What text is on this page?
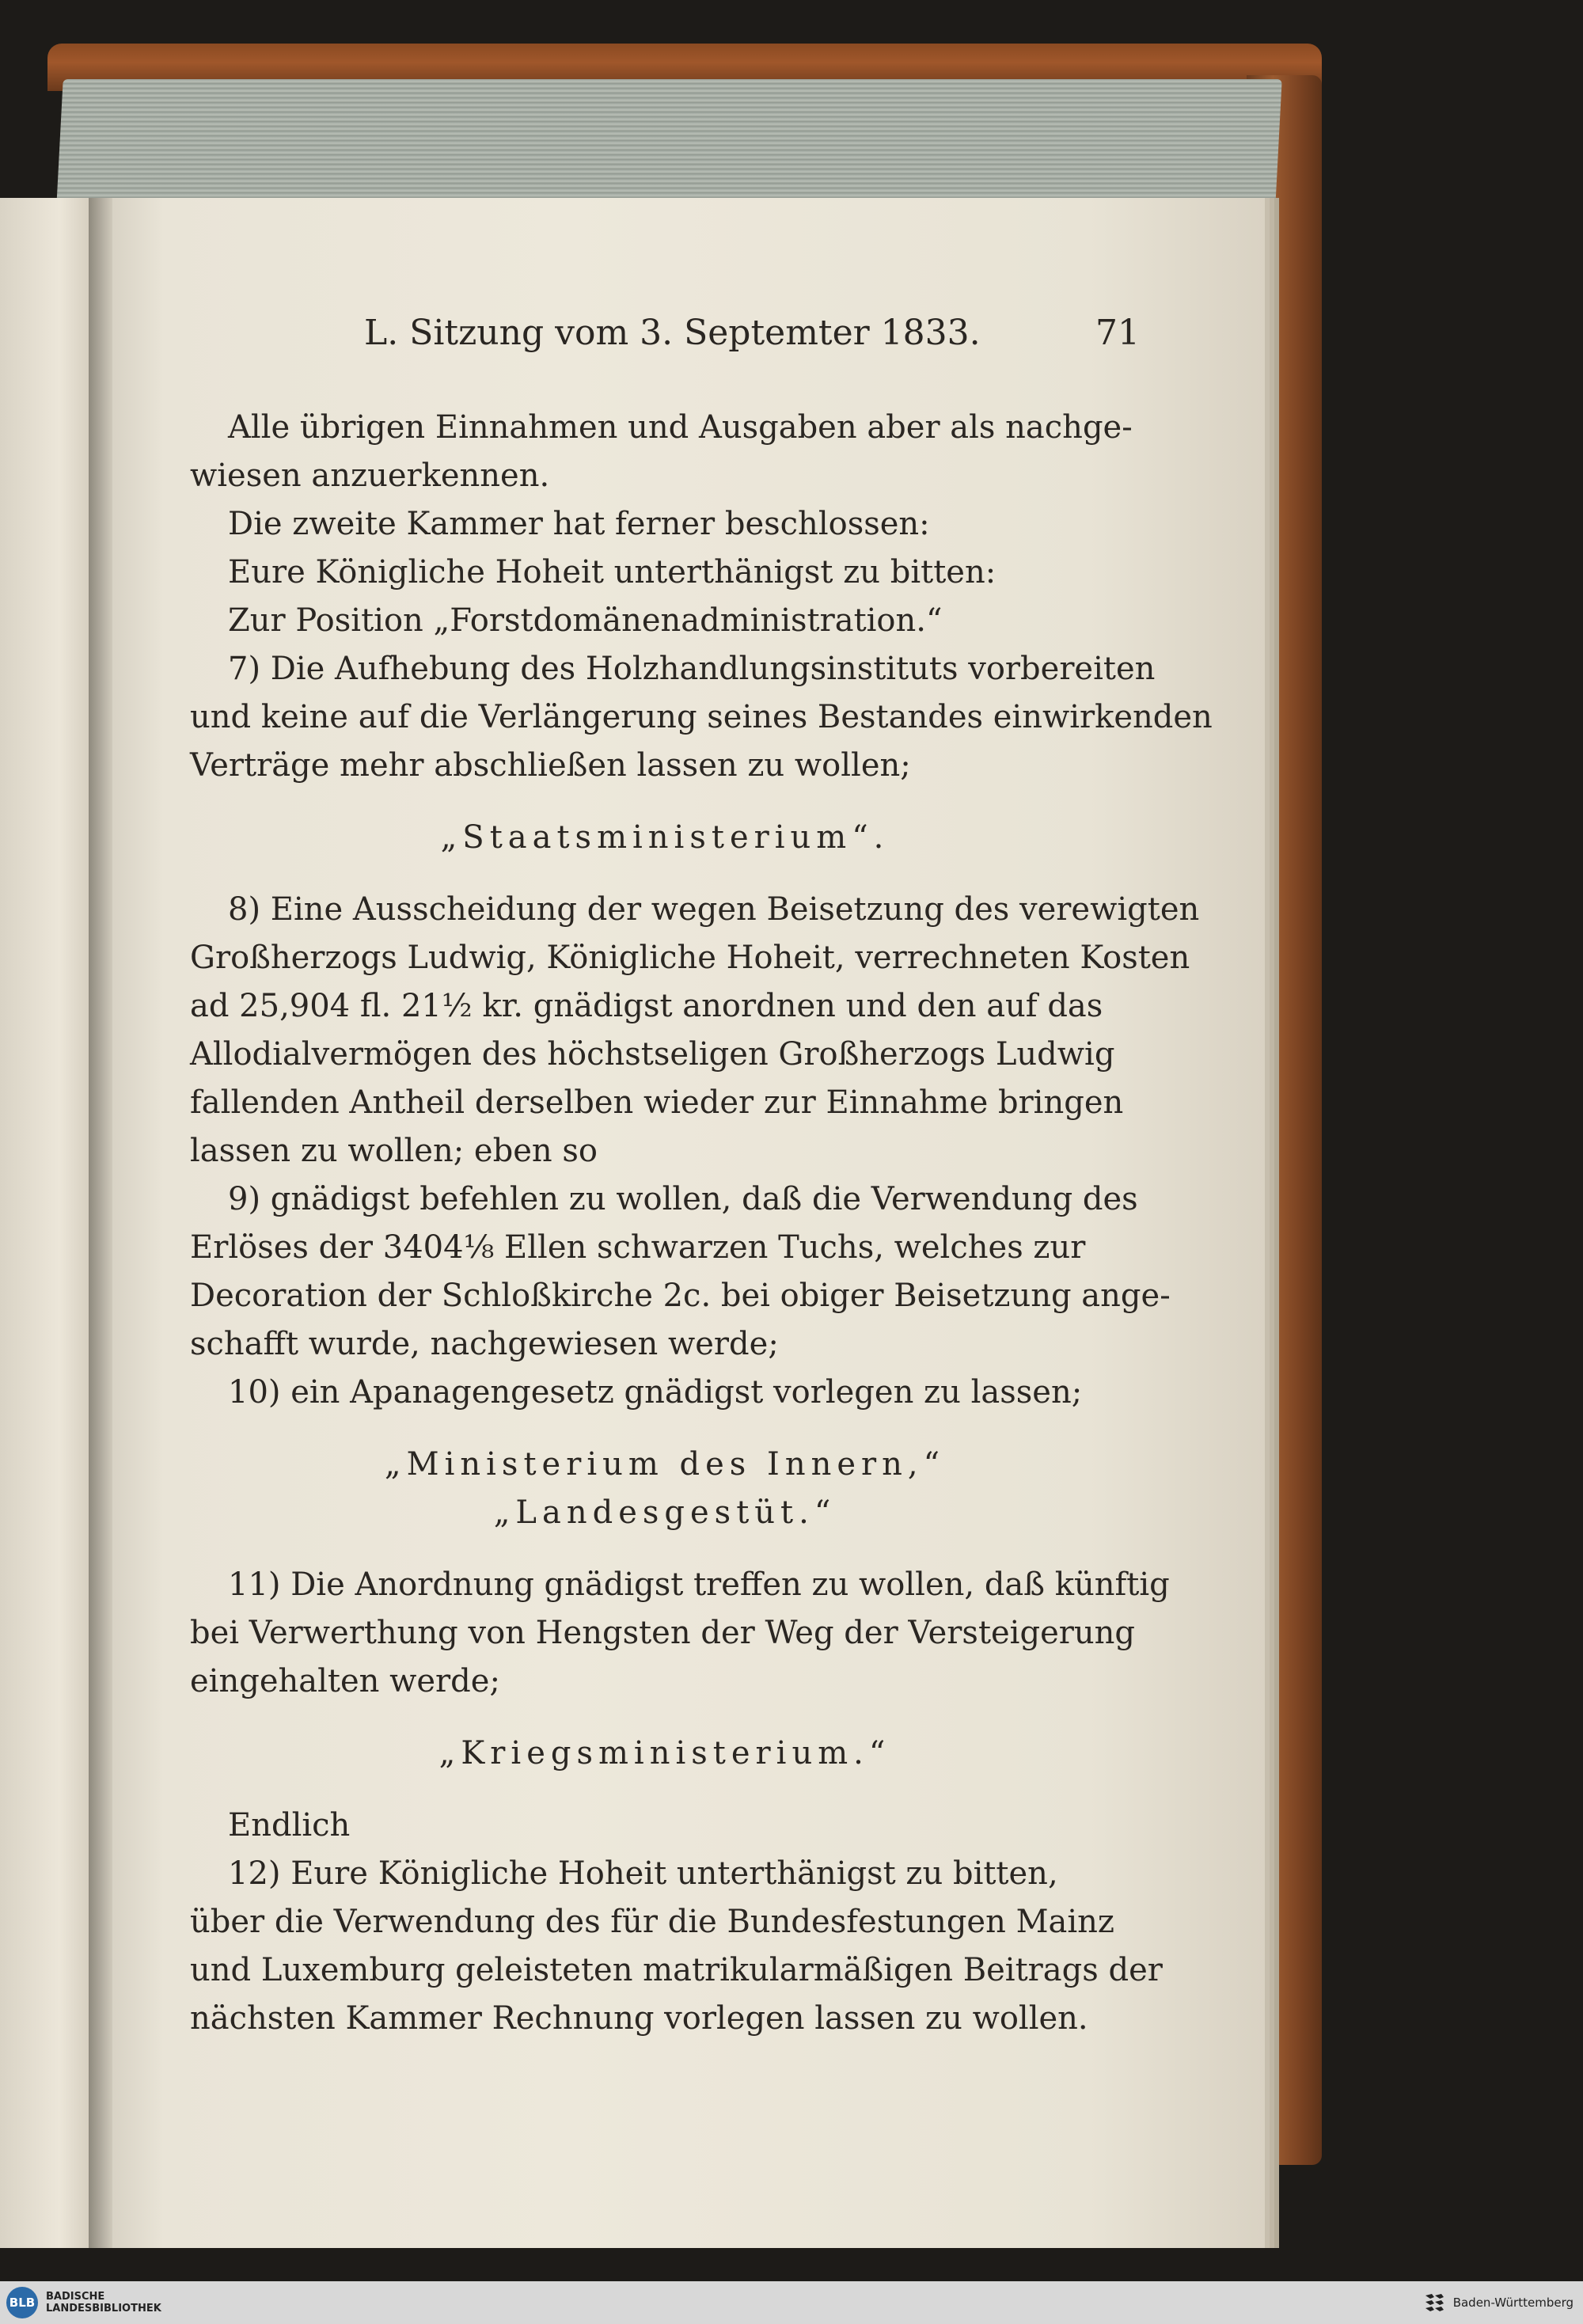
L. Sitzung vom 3. Septemter 1833.	71
Alle übrigen Einnahmen und Ausgaben aber als nachge-
wiesen anzuerkennen.
Die zweite Kammer hat ferner beschlossen:
Eure Königliche Hoheit unterthänigst zu bitten:
Zur Position „Forstdomänenadministration.“
7) Die Aufhebung des Holzhandlungsinstituts vorbereiten
und keine auf die Verlängerung seines Bestandes einwirkenden
Verträge mehr abschließen lassen zu wollen;
„Staatsministerium“.
8) Eine Ausscheidung der wegen Beisetzung des verewigten
Großherzogs Ludwig, Königliche Hoheit, verrechneten Kosten
ad 25,904 fl. 21½ kr. gnädigst anordnen und den auf das
Allodialvermögen des höchstseligen Großherzogs Ludwig
fallenden Antheil derselben wieder zur Einnahme bringen
lassen zu wollen; eben so
9) gnädigst befehlen zu wollen, daß die Verwendung des
Erlöses der 3404⅛ Ellen schwarzen Tuchs, welches zur
Decoration der Schloßkirche 2c. bei obiger Beisetzung ange-
schafft wurde, nachgewiesen werde;
10) ein Apanagengesetz gnädigst vorlegen zu lassen;
„Ministerium des Innern,“
„Landesgestüt.“
11) Die Anordnung gnädigst treffen zu wollen, daß künftig
bei Verwerthung von Hengsten der Weg der Versteigerung
eingehalten werde;
„Kriegsministerium.“
Endlich
12) Eure Königliche Hoheit unterthänigst zu bitten,
über die Verwendung des für die Bundesfestungen Mainz
und Luxemburg geleisteten matrikularmäßigen Beitrags der
nächsten Kammer Rechnung vorlegen lassen zu wollen.
BLB BADISCHE
LANDESBIBLIOTHEK	Baden-Württemberg
